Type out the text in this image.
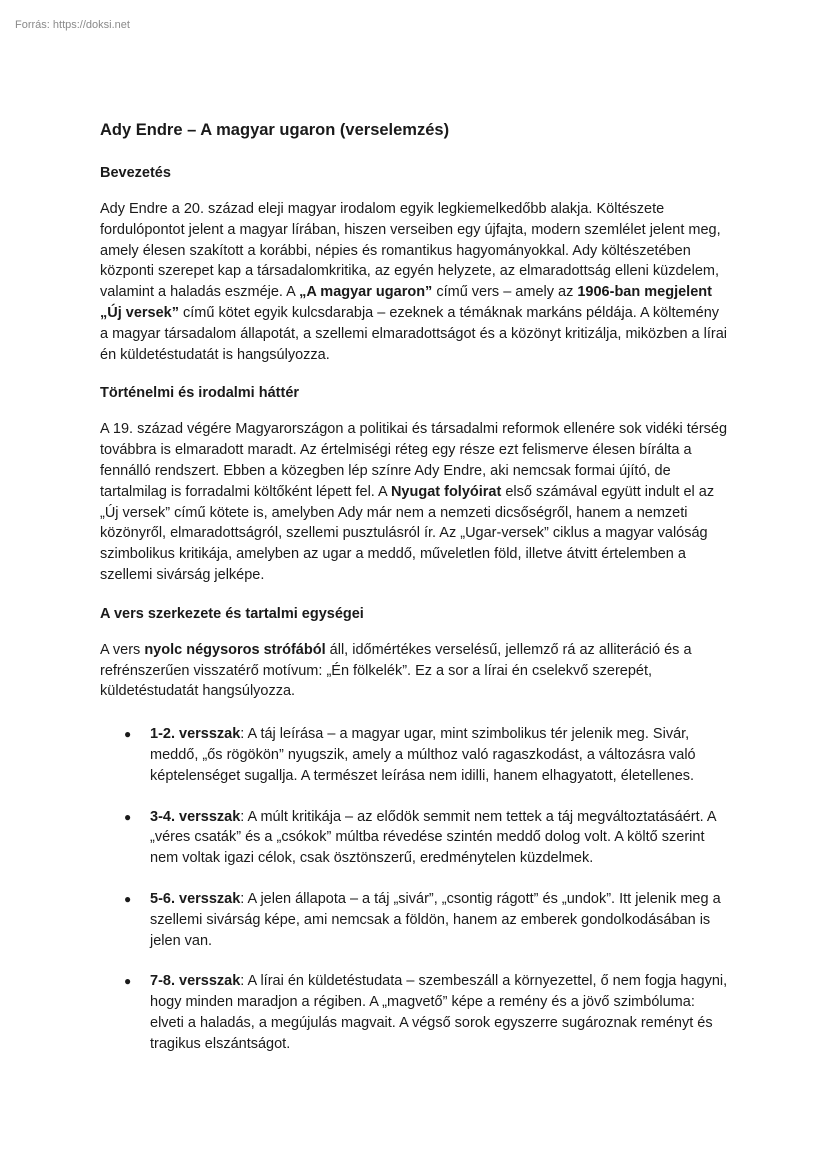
Forrás: https://doksi.net
Ady Endre – A magyar ugaron (verselemzés)
Bevezetés

Ady Endre a 20. század eleji magyar irodalom egyik legkiemelkedőbb alakja. Költészete fordulópontot jelent a magyar lírában, hiszen verseiben egy újfajta, modern szemlélet jelent meg, amely élesen szakított a korábbi, népies és romantikus hagyományokkal. Ady költészetében központi szerepet kap a társadalomkritika, az egyén helyzete, az elmaradottság elleni küzdelem, valamint a haladás eszméje. A „A magyar ugaron” című vers – amely az 1906-ban megjelent „Új versek” című kötet egyik kulcsdarabja – ezeknek a témáknak markáns példája. A költemény a magyar társadalom állapotát, a szellemi elmaradottságot és a közönyt kritizálja, miközben a lírai én küldetéstudatát is hangsúlyozza.

Történelmi és irodalmi háttér

A 19. század végére Magyarországon a politikai és társadalmi reformok ellenére sok vidéki térség továbbra is elmaradott maradt. Az értelmiségi réteg egy része ezt felismerve élesen bírálta a fennálló rendszert. Ebben a közegben lép színre Ady Endre, aki nemcsak formai újító, de tartalmilag is forradalmi költőként lépett fel. A Nyugat folyóirat első számával együtt indult el az „Új versek” című kötete is, amelyben Ady már nem a nemzeti dicsőségről, hanem a nemzeti közönyről, elmaradottságról, szellemi pusztulásról ír. Az „Ugar-versek” ciklus a magyar valóság szimbolikus kritikája, amelyben az ugar a meddő, műveletlen föld, illetve átvitt értelemben a szellemi sivárság jelképe.

A vers szerkezete és tartalmi egységei

A vers nyolc négysoros strófából áll, időmértékes verselésű, jellemző rá az alliteráció és a refrénszerűen visszatérő motívum: „Én fölkelék”. Ez a sor a lírai én cselekvő szerepét, küldetéstudatát hangsúlyozza.

● 1-2. versszak: A táj leírása – a magyar ugar, mint szimbolikus tér jelenik meg. Sivár, meddő, „ős rögökön” nyugszik, amely a múlthoz való ragaszkodást, a változásra való képtelenséget sugallja. A természet leírása nem idilli, hanem elhagyatott, életellenes.
● 3-4. versszak: A múlt kritikája – az elődök semmit nem tettek a táj megváltoztatásáért. A „véres csaták” és a „csókok” múltba révedése szintén meddő dolog volt. A költő szerint nem voltak igazi célok, csak ösztönszerű, eredménytelen küzdelmek.
● 5-6. versszak: A jelen állapota – a táj „sivár”, „csontig rágott” és „undok”. Itt jelenik meg a szellemi sivárság képe, ami nemcsak a földön, hanem az emberek gondolkodásában is jelen van.
● 7-8. versszak: A lírai én küldetéstudata – szembeszáll a környezettel, ő nem fogja hagyni, hogy minden maradjon a régiben. A „magvető” képe a remény és a jövő szimbóluma: elveti a haladás, a megújulás magvait. A végső sorok egyszerre sugároznak reményt és tragikus elszántságot.
